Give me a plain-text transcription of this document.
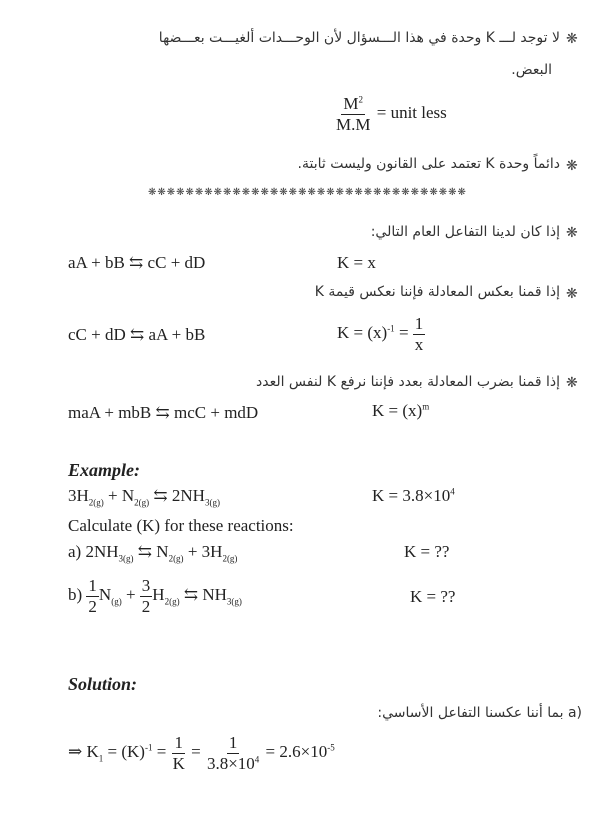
❋
لا توجد لـــ K وحدة في هذا الـــسؤال لأن الوحـــدات ألغيـــت بعـــضها
البعض.
$\frac{M^2}{M.M}$ = unit less
❋
دائماً وحدة K تعتمد على القانون وليست ثابتة.
❋❋❋❋❋❋❋❋❋❋❋❋❋❋❋❋❋❋❋❋❋❋❋❋❋❋❋❋❋❋❋❋❋❋
❋
إذا كان لدينا التفاعل العام التالي:
aA + bB ⇆ cC + dD	K = x
❋
إذا قمنا بعكس المعادلة فإننا نعكس قيمة K
cC + dD ⇆ aA + bB	$K = (x)^{-1} = \frac{1}{x}$
❋
إذا قمنا بضرب المعادلة بعدد فإننا نرفع K لنفس العدد
maA + mbB ⇆ mcC + mdD	$K = (x)^m$
Example:
$3H_{2(g)} + N_{2(g)}$ ⇆ $2NH_{3(g)}$	$K = 3.8\times 10^4$
Calculate (K) for these reactions:
a) $2NH_{3(g)}$ ⇆ $N_{2(g)} + 3H_{2(g)}$	K = ??
$b) \frac{1}{2} N_{(g)} + \frac{3}{2} H_{2(g)}$ ⇆ $NH_{3(g)}$	K = ??
Solution:
(a بما أننا عكسنا التفاعل الأساسي:
⇒ $K_1 = (K)^{-1} = \frac{1}{K} = \frac{1}{3.8\times 10^4} = 2.6\times 10^{-5}$
